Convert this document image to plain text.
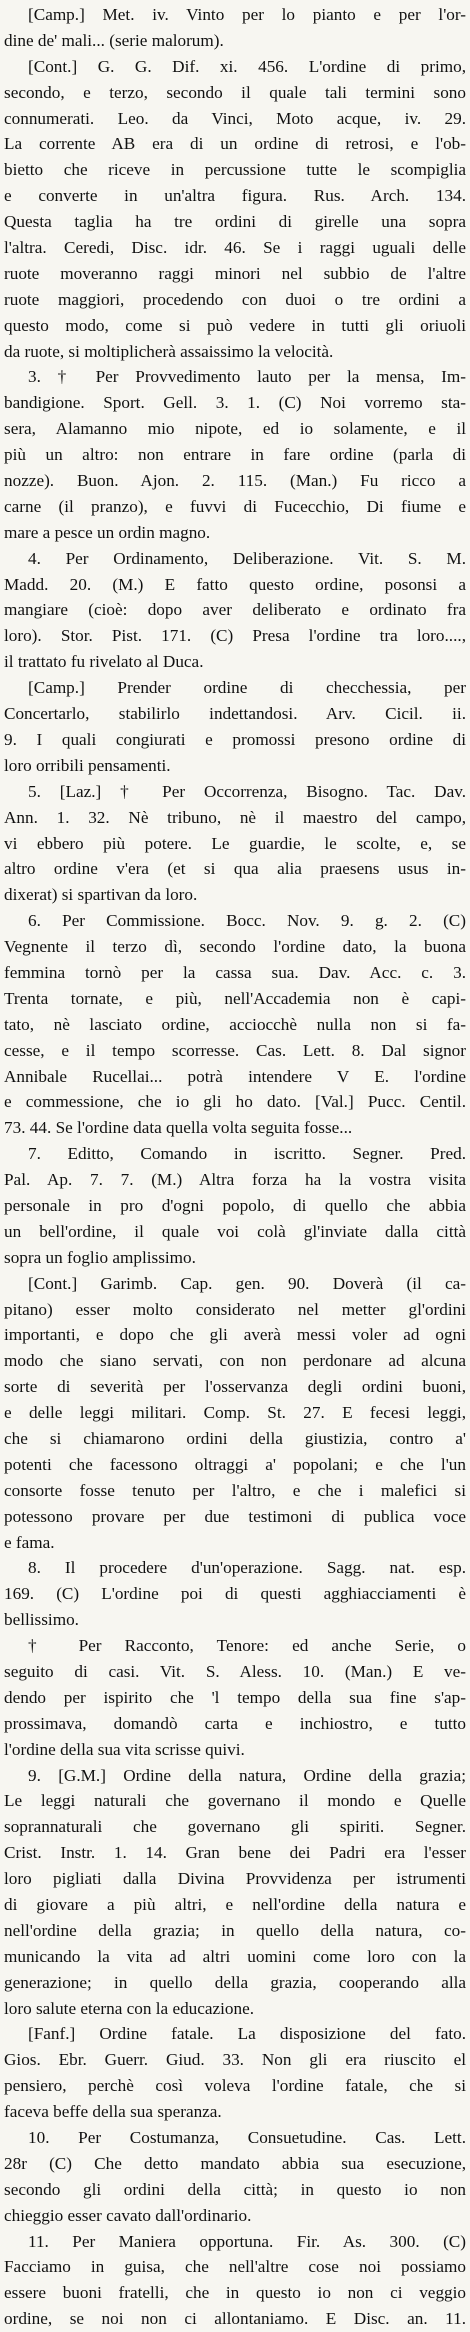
[Camp.] Met. iv. Vinto per lo pianto e per l'or-
dine de' mali... (serie malorum).
[Cont.] G. G. Dif. xi. 456. L'ordine di primo,
secondo, e terzo, secondo il quale tali termini sono
connumerati. Leo. da Vinci, Moto acque, iv. 29.
La corrente AB era di un ordine di retrosi, e l'ob-
bietto che riceve in percussione tutte le scompiglia
e converte in un'altra figura. Rus. Arch. 134.
Questa taglia ha tre ordini di girelle una sopra
l'altra. Ceredi, Disc. idr. 46. Se i raggi uguali delle
ruote moveranno raggi minori nel subbio de l'altre
ruote maggiori, procedendo con duoi o tre ordini a
questo modo, come si può vedere in tutti gli oriuoli
da ruote, si moltiplicherà assaissimo la velocità.
3. † Per Provvedimento lauto per la mensa, Im-
bandigione. Sport. Gell. 3. 1. (C) Noi vorremo sta-
sera, Alamanno mio nipote, ed io solamente, e il
più un altro: non entrare in fare ordine (parla di
nozze). Buon. Ajon. 2. 115. (Man.) Fu ricco a
carne (il pranzo), e fuvvi di Fucecchio, Di fiume e
mare a pesce un ordin magno.
4. Per Ordinamento, Deliberazione. Vit. S. M.
Madd. 20. (M.) E fatto questo ordine, posonsi a
mangiare (cioè: dopo aver deliberato e ordinato fra
loro). Stor. Pist. 171. (C) Presa l'ordine tra loro....,
il trattato fu rivelato al Duca.
[Camp.] Prender ordine di checchessia, per
Concertarlo, stabilirlo indettandosi. Arv. Cicil. ii.
9. I quali congiurati e promossi presono ordine di
loro orribili pensamenti.
5. [Laz.] † Per Occorrenza, Bisogno. Tac. Dav.
Ann. 1. 32. Nè tribuno, nè il maestro del campo,
vi ebbero più potere. Le guardie, le scolte, e, se
altro ordine v'era (et si qua alia praesens usus in-
dixerat) si spartivan da loro.
6. Per Commissione. Bocc. Nov. 9. g. 2. (C)
Vegnente il terzo dì, secondo l'ordine dato, la buona
femmina tornò per la cassa sua. Dav. Acc. c. 3.
Trenta tornate, e più, nell'Accademia non è capi-
tato, nè lasciato ordine, acciocchè nulla non si fa-
cesse, e il tempo scorresse. Cas. Lett. 8. Dal signor
Annibale Rucellai... potrà intendere V E. l'ordine
e commessione, che io gli ho dato. [Val.] Pucc. Centil.
73. 44. Se l'ordine data quella volta seguita fosse...
7. Editto, Comando in iscritto. Segner. Pred.
Pal. Ap. 7. 7. (M.) Altra forza ha la vostra visita
personale in pro d'ogni popolo, di quello che abbia
un bell'ordine, il quale voi colà gl'inviate dalla città
sopra un foglio amplissimo.
[Cont.] Garimb. Cap. gen. 90. Doverà (il ca-
pitano) esser molto considerato nel metter gl'ordini
importanti, e dopo che gli averà messi voler ad ogni
modo che siano servati, con non perdonare ad alcuna
sorte di severità per l'osservanza degli ordini buoni,
e delle leggi militari. Comp. St. 27. E fecesi leggi,
che si chiamarono ordini della giustizia, contro a'
potenti che facessono oltraggi a' popolani; e che l'un
consorte fosse tenuto per l'altro, e che i malefici si
potessono provare per due testimoni di publica voce
e fama.
8. Il procedere d'un'operazione. Sagg. nat. esp.
169. (C) L'ordine poi di questi agghiacciamenti è
bellissimo.
† Per Racconto, Tenore: ed anche Serie, o
seguito di casi. Vit. S. Aless. 10. (Man.) E ve-
dendo per ispirito che 'l tempo della sua fine s'ap-
prossimava, domandò carta e inchiostro, e tutto
l'ordine della sua vita scrisse quivi.
9. [G.M.] Ordine della natura, Ordine della grazia;
Le leggi naturali che governano il mondo e Quelle
soprannaturali che governano gli spiriti. Segner.
Crist. Instr. 1. 14. Gran bene dei Padri era l'esser
loro pigliati dalla Divina Provvidenza per istrumenti
di giovare a più altri, e nell'ordine della natura e
nell'ordine della grazia; in quello della natura, co-
municando la vita ad altri uomini come loro con la
generazione; in quello della grazia, cooperando alla
loro salute eterna con la educazione.
[Fanf.] Ordine fatale. La disposizione del fato.
Gios. Ebr. Guerr. Giud. 33. Non gli era riuscito el
pensiero, perchè così voleva l'ordine fatale, che si
faceva beffe della sua speranza.
10. Per Costumanza, Consuetudine. Cas. Lett.
28r (C) Che detto mandato abbia sua esecuzione,
secondo gli ordini della città; in questo io non
chieggio esser cavato dall'ordinario.
11. Per Maniera opportuna. Fir. As. 300. (C)
Facciamo in guisa, che nell'altre cose noi possiamo
essere buoni fratelli, che in questo io non ci veggio
ordine, se noi non ci allontaniamo. E Disc. an. 11.
